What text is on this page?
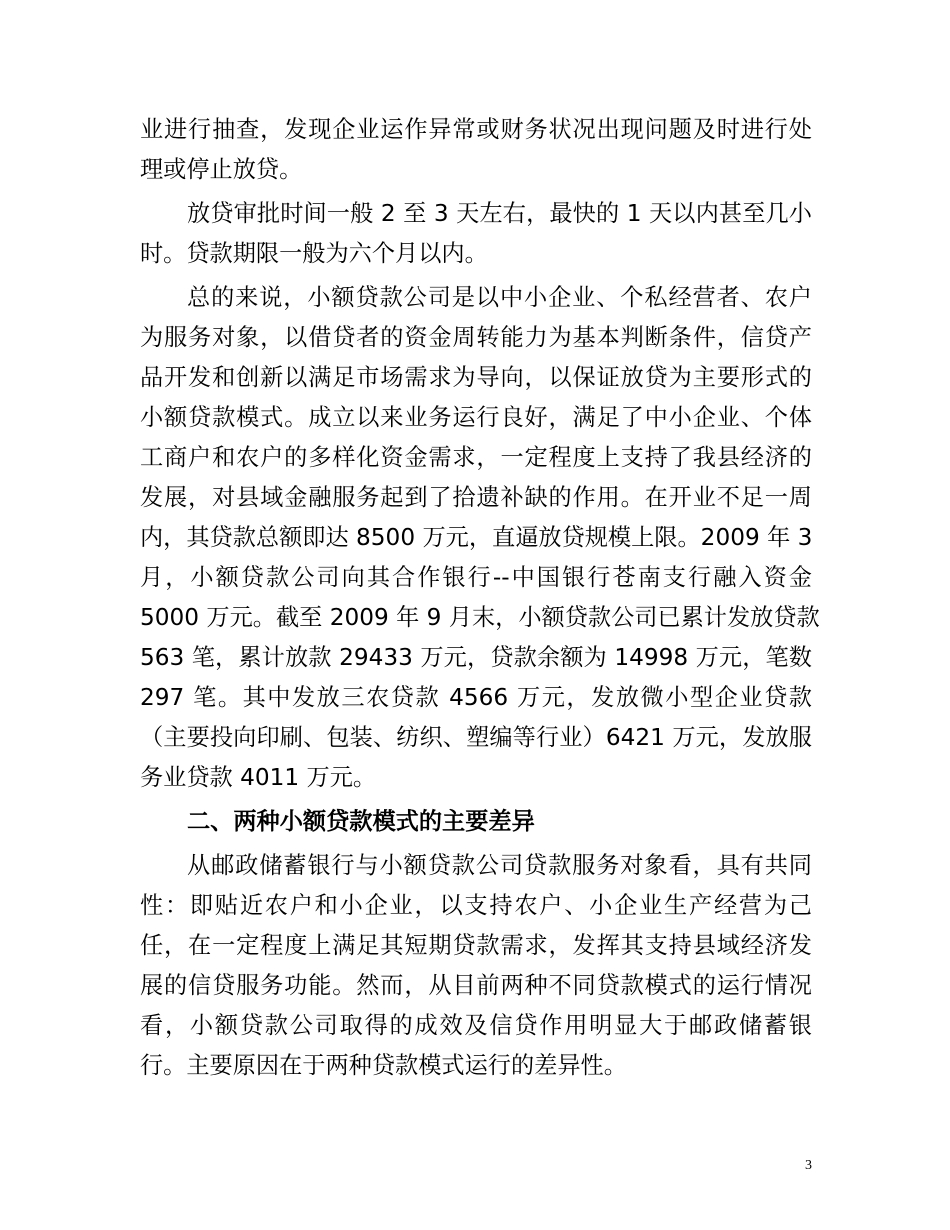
业进行抽查，发现企业运作异常或财务状况出现问题及时进行处
理或停止放贷。
放贷审批时间一般 2 至 3 天左右，最快的 1 天以内甚至几小
时。贷款期限一般为六个月以内。
总的来说，小额贷款公司是以中小企业、个私经营者、农户
为服务对象，以借贷者的资金周转能力为基本判断条件，信贷产
品开发和创新以满足市场需求为导向，以保证放贷为主要形式的
小额贷款模式。成立以来业务运行良好，满足了中小企业、个体
工商户和农户的多样化资金需求，一定程度上支持了我县经济的
发展，对县域金融服务起到了拾遗补缺的作用。在开业不足一周
内，其贷款总额即达 8500 万元，直逼放贷规模上限。2009 年 3
月，小额贷款公司向其合作银行--中国银行苍南支行融入资金
5000 万元。截至 2009 年 9 月末，小额贷款公司已累计发放贷款
563 笔，累计放款 29433 万元，贷款余额为 14998 万元，笔数
297 笔。其中发放三农贷款 4566 万元，发放微小型企业贷款
（主要投向印刷、包装、纺织、塑编等行业）6421 万元，发放服
务业贷款 4011 万元。
二、两种小额贷款模式的主要差异
从邮政储蓄银行与小额贷款公司贷款服务对象看，具有共同
性：即贴近农户和小企业，以支持农户、小企业生产经营为己
任，在一定程度上满足其短期贷款需求，发挥其支持县域经济发
展的信贷服务功能。然而，从目前两种不同贷款模式的运行情况
看，小额贷款公司取得的成效及信贷作用明显大于邮政储蓄银
行。主要原因在于两种贷款模式运行的差异性。
3
